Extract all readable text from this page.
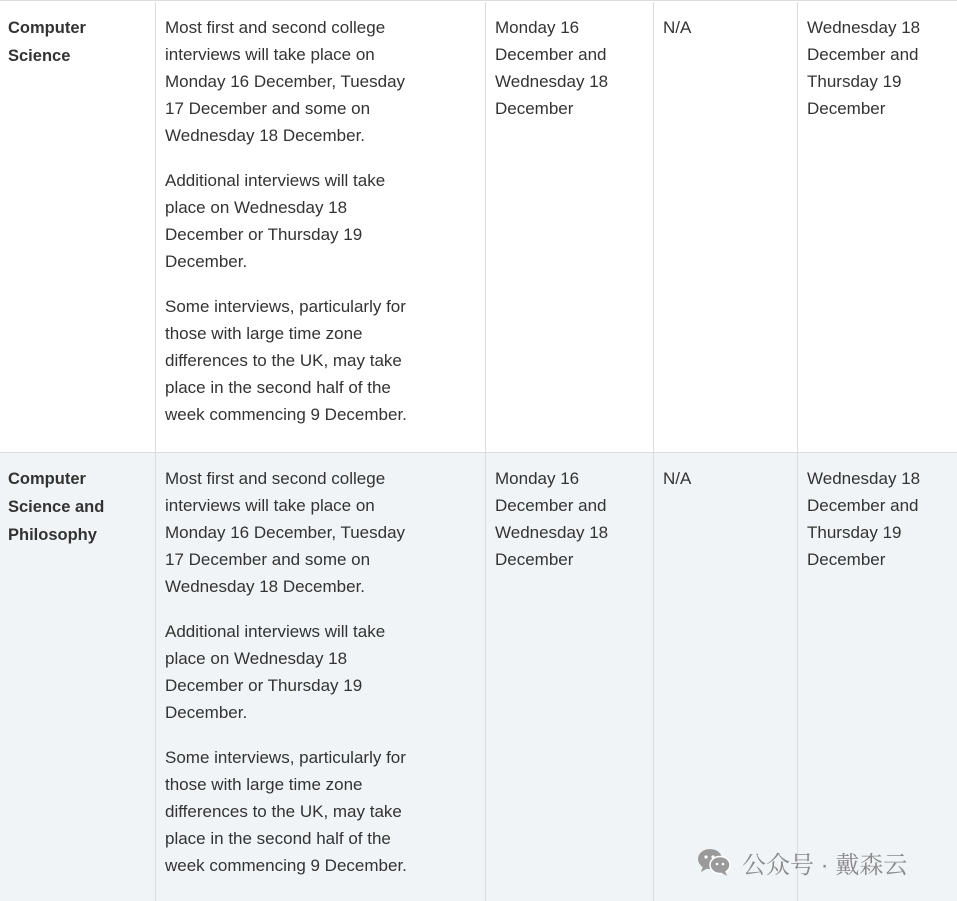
Computer Science

Most first and second college interviews will take place on Monday 16 December, Tuesday 17 December and some on Wednesday 18 December.

Additional interviews will take place on Wednesday 18 December or Thursday 19 December.

Some interviews, particularly for those with large time zone differences to the UK, may take place in the second half of the week commencing 9 December.

Monday 16 December and Wednesday 18 December
N/A	Wednesday 18 December and Thursday 19 December
Computer Science and Philosophy

Most first and second college interviews will take place on Monday 16 December, Tuesday 17 December and some on Wednesday 18 December.

Additional interviews will take place on Wednesday 18 December or Thursday 19 December.

Some interviews, particularly for those with large time zone differences to the UK, may take place in the second half of the week commencing 9 December.

Monday 16 December and Wednesday 18 December
N/A	Wednesday 18 December and Thursday 19 December
公众号 · 戴森云
